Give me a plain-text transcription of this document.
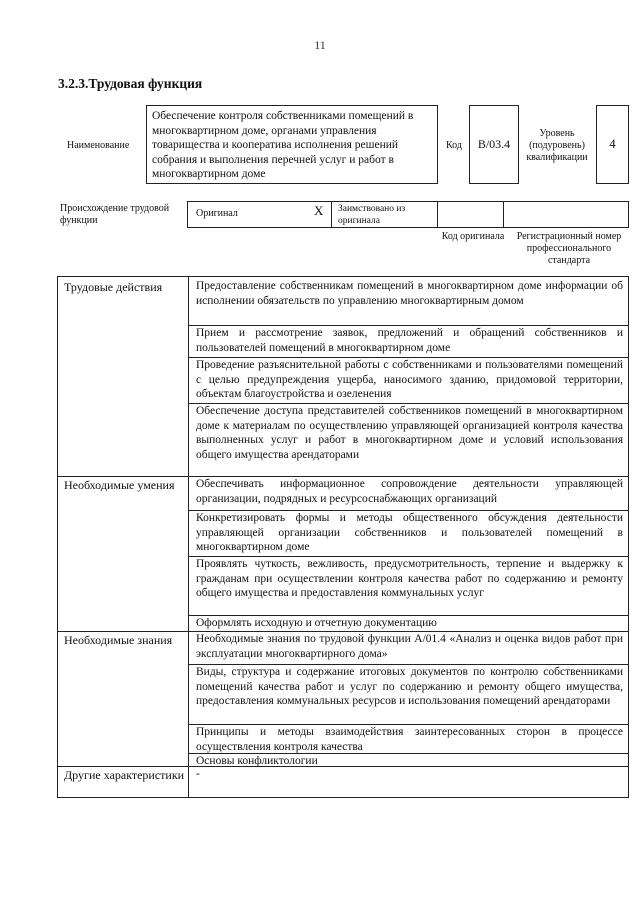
11
3.2.3.Трудовая функция
Наименование
Обеспечение контроля собственниками помещений в многоквартирном доме, органами управления товарищества и кооператива исполнения решений собрания и выполнения перечней услуг и работ в многоквартирном доме
Код	В/03.4
Уровень (подуровень) квалификации
4
Происхождение трудовой функции
Оригинал	X Заимствовано из оригинала
Код оригинала	Регистрационный номер профессионального стандарта
Трудовые действия	Предоставление собственникам помещений в многоквартирном доме информации об исполнении обязательств по управлению многоквартирным домом
Прием и рассмотрение заявок, предложений и обращений собственников и пользователей помещений в многоквартирном доме
Проведение разъяснительной работы с собственниками и пользователями помещений с целью предупреждения ущерба, наносимого зданию, придомовой территории, объектам благоустройства и озеленения
Обеспечение доступа представителей собственников помещений в многоквартирном доме к материалам по осуществлению управляющей организацией контроля качества выполненных услуг и работ в многоквартирном доме и условий использования общего имущества арендаторами
Необходимые умения	Обеспечивать информационное сопровождение деятельности управляющей организации, подрядных и ресурсоснабжающих организаций
Конкретизировать формы и методы общественного обсуждения деятельности управляющей организации собственников и пользователей помещений в многоквартирном доме
Проявлять чуткость, вежливость, предусмотрительность, терпение и выдержку к гражданам при осуществлении контроля качества работ по содержанию и ремонту общего имущества и предоставления коммунальных услуг
Оформлять исходную и отчетную документацию
Необходимые знания	Необходимые знания по трудовой функции А/01.4 «Анализ и оценка видов работ при эксплуатации многоквартирного дома»
Виды, структура и содержание итоговых документов по контролю собственниками помещений качества работ и услуг по содержанию и ремонту общего имущества, предоставления коммунальных ресурсов и использования помещений арендаторами
Принципы и методы взаимодействия заинтересованных сторон в процессе осуществления контроля качества
Основы конфликтологии
Другие характеристики	-
